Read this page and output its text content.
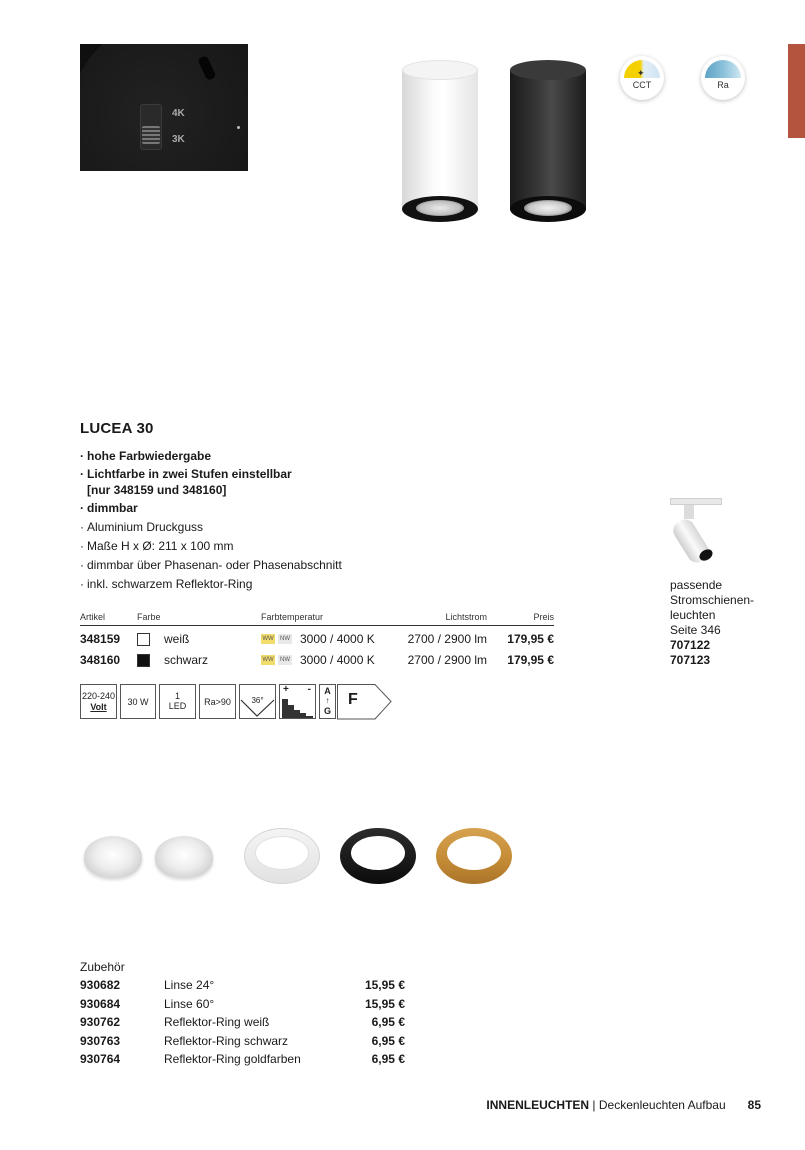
4K
3K
✦
CCT	Ra
LUCEA 30
· hohe Farbwiedergabe
· Lichtfarbe in zwei Stufen einstellbar
[nur 348159 und 348160]
· dimmbar
· Aluminium Druckguss
· Maße H x Ø: 211 x 100 mm
· dimmbar über Phasenan- oder Phasenabschnitt
· inkl. schwarzem Reflektor-Ring	passende
Stromschienen-
leuchten
Seite 346
707122
707123
Artikel	Farbe	Farbtemperatur	Lichtstrom	Preis
348159	weiß	WW	NW 3000 / 4000 K	2700 / 2900 lm 179,95 €
348160	schwarz	WW	NW 3000 / 4000 K	2700 / 2900 lm 179,95 €
220-240
Volt	30 W
1
LED	Ra>90	36°
+ -	A
↑
G
F
Zubehör
930682	Linse 24°	15,95 €
930684	Linse 60°	15,95 €
930762	Reflektor-Ring weiß	6,95 €
930763	Reflektor-Ring schwarz	6,95 €
930764	Reflektor-Ring goldfarben	6,95 €
INNENLEUCHTEN | Deckenleuchten Aufbau 85
